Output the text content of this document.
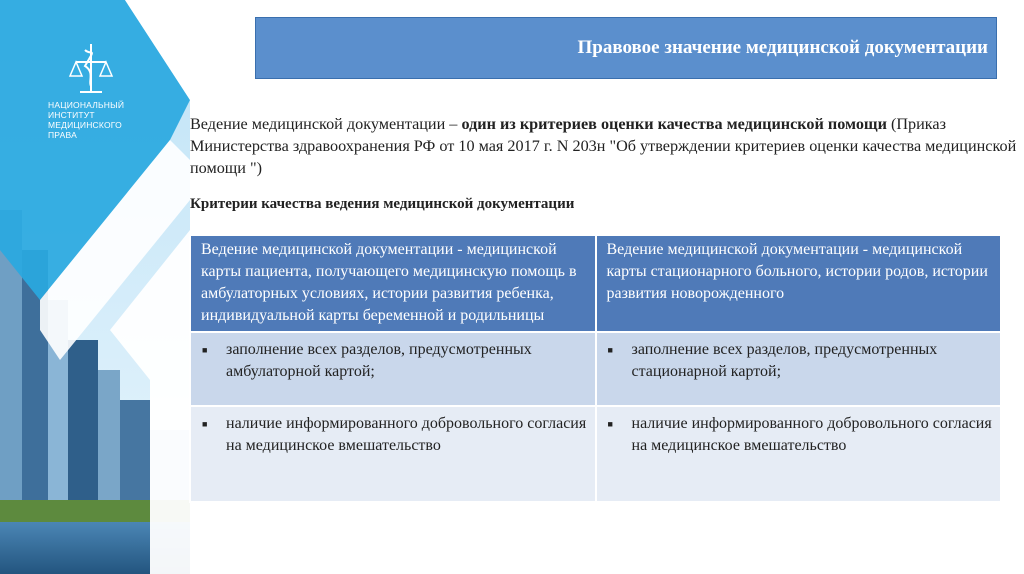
НАЦИОНАЛЬНЫЙ ИНСТИТУТ МЕДИЦИНСКОГО ПРАВА
Правовое значение медицинской документации
Ведение медицинской документации – один из критериев оценки качества медицинской помощи (Приказ Министерства здравоохранения РФ от 10 мая 2017 г. N 203н "Об утверждении критериев оценки качества медицинской помощи ")
Критерии качества ведения медицинской документации
Ведение медицинской документации - медицинской карты пациента, получающего медицинскую помощь в амбулаторных условиях, истории развития ребенка, индивидуальной карты беременной и родильницы	Ведение медицинской документации - медицинской карты стационарного больного, истории родов, истории развития новорожденного

■ заполнение всех разделов, предусмотренных амбулаторной картой;	■ заполнение всех разделов, предусмотренных стационарной картой;

■ наличие информированного добровольного согласия на медицинское вмешательство	■ наличие информированного добровольного согласия на медицинское вмешательство
